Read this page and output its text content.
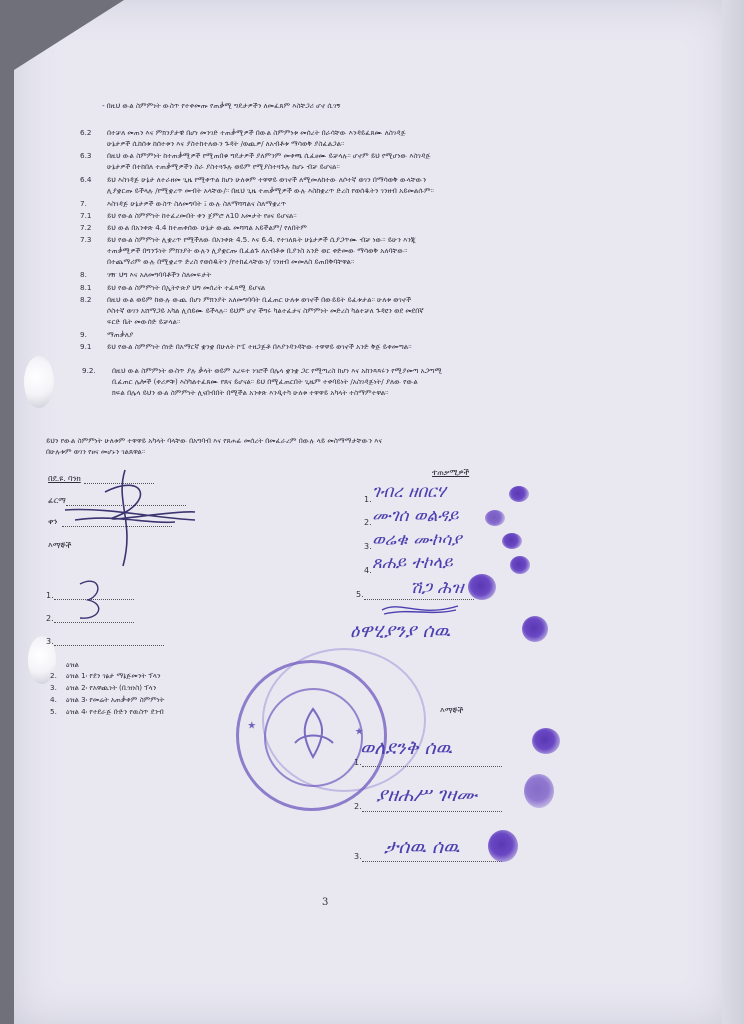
- በዚህ ውል ስምምነት ውስጥ የተቀመጡ የጠቃሚ ግዴታዎችን ለመፈጸም እስቸጋሪ ሆኖ ሲገኝ
6.2 በተቻለ መጠን እና ምክንያታዊ በሆነ መንገድ ተጠቃሚዎች በውል ስምምነቱ መሰረት በራሳቸው እንዳይፈጸሙ ለስገዳጅ
ሁኔታዎች ሲከሰቱ ከሰተቱን እና ያስተከተለውን ጉዳት /ወጪዎ/ ለአብቶቱ ማሳወቅ ያስፈልጋል።
6.3 በዚህ ውል ስምምነት ከተጠቃሚዎች የሚጠበቁ ግዴታዎች ያለምንም መቀጫ ሲፈፀሙ ይቻላሉ። ሆኖም ይህ የሚሆነው እስገዳጅ
ሁኔታዎች በተከበለ ተጠቃሚዎችን ስራ ያስተጓጉሉ ወይም የሚያስተጓጉሉ ከሆኑ ብቻ ይሆናል።
6.4 ይህ እስገዳጅ ሁኔታ ለተራዘመ ጊዜ የሚቀጥል ከሆነ ሁለቱም ተዋዋይ ወገኖች ለሚመለከተው ለሶተኛ ወገን በማሳወቅ ውላቸውን
ሊያቋርጡ ይችላሉ /የሚቋረጥ መብት አላቸው/። በዚህ ጊዜ ተጠቃሚዎች ውሉ እስከቋረጥ ድረስ የወሰዱትን ገንዘብ አይመልሱም።
7.	እስገዳጅ ሁኔታዎች ውስጥ ስለመግባት ፤ ውሉ ስለማሻሻልና ስለማቋረጥ
7.1 ይህ የውል ስምምነት ከተፈረመበት ቀን ጀምሮ ለ10 አመታት የፀና ይሆናል።
7.2 ይህ ውል በአንቀጽ 4.4 ከተጠቀሰው ሁኔታ ውጪ መሻሻል አይችልም/ የለበትም
7.3 ይህ የውል ስምምነት ሊቋረጥ የሚችለው በአንቀጽ 4.5. እና 6.4. የተገለጹት ሁኔታዎች ሲያጋጥሙ ብቻ ነው። ይሁን እንጂ
ተጠቃሚዎች በግንኙነት ምክንያት ውሉን ሊያቋርጡ ቢፈልጉ ለአብቶቱ ቢያንስ አንድ ወር ቀድመው ማሳወቅ አለባቸው።
በተጨማሪም ውሉ በሚቋረጥ ድረስ የወሰዱትን /የተከፈላቸውን/ ገንዘብ መመለስ ይጠበቅባቸዋል።
8.	ገዥ ህግ እና አለመግባባቶችን ስለመፍታት
8.1 ይህ የውል ስምምነት በኢትዮጵያ ህግ መሰረት ተፈጻሚ ይሆናል
8.2 በዚህ ውል ወይም ከውሉ ውጪ በሆነ ምክንያት አለመግባባት ቢፈጠር ሁለቱ ወገኖች በውይይት ይፈቱታል። ሁለቱ ወገኖች
ሶስተኛ ወገን አሸማጋይ አካል ሊሰይሙ ይችላሉ። ይህም ሆኖ ችግሩ ካልተፈታና ስምምነት መድረስ ካልተቻለ ጉዳዩን ወደ መደበኛ
ፍርድ ቤት መውሰድ ይቻላል።
9.	ማጠቃለያ
9.1 ይህ የውል ስምምነት ሰነድ በአማርኛ ቋንቋ በሁለት ኮፒ ተዘጋጅቶ በእያንዳንዳቸው ተዋዋይ ወገኖች አንድ ቅጅ ይቀመጣል።
9.2. በዚህ ውል ስምምነት ውስጥ ያሉ ቃላት ወይም አረፍተ ነገሮች በሌላ ቋንቋ ጋር የሚጣረስ ከሆነ እና አከንጻጻሩን የሚያመጣ አጋጣሚ
ቢፈጠር ሌሎች (ቀሪዎቹ) እስካልተፈጸሙ የጸና ይሆናል። ይህ በሚፈጠርበት ጊዜም ተቀባይነት /አስገዳጅነት/ ያለው የውል
ክፍል በሌላ ይህን ውል ስምምነት ሊናበብበት በሚችል አንቀጽ እንዲተካ ሁለቱ ተዋዋይ አካላት ተስማምተዋል።
ይህን የውል ስምምነት ሁለቱም ተዋዋይ አካላት ባላቸው በአግባብ እና የጸሐፊ መሰረት በመፈራረም በውሉ ላይ መስማማታቸውን እና
በሁሉቱም ወገን የፀና መሆኑን ገልጸዋል።
በደ.ዩ. ባንክ
ፊርማ
ቀን
እማኞች
1.
2.
3.
ዕዝል
2. ዕዝል 1፡ የደን ገፅታ ማኔጅመንት ፕላን
3. ዕዝል 2፡ የአዋጪነት (ቢዝነስ) ፕላን
4. ዕዝል 3፡ የመሬት አጠቃቀም ስምምነት
5. ዕዝል 4፡ የተደራጅ ቡድን የዉስጥ ደንብ
ተጠቃሚዎች
1. ገብረ ዘበርሃ
2. ሙገሰ ወልዳይ
3. ወሬቁ ሙኮሳያ
4. ጸሐይ ተኮላይ
5.	ሽጋ ሕዝ
ዕዋሂያንያ ሰዉ
★	★
እማኞች
1.
ወለደንቅ ሰዉ
2.
ያዘሐሥ ገዛሙ
3. ታሰዉ ሰዉ
3
